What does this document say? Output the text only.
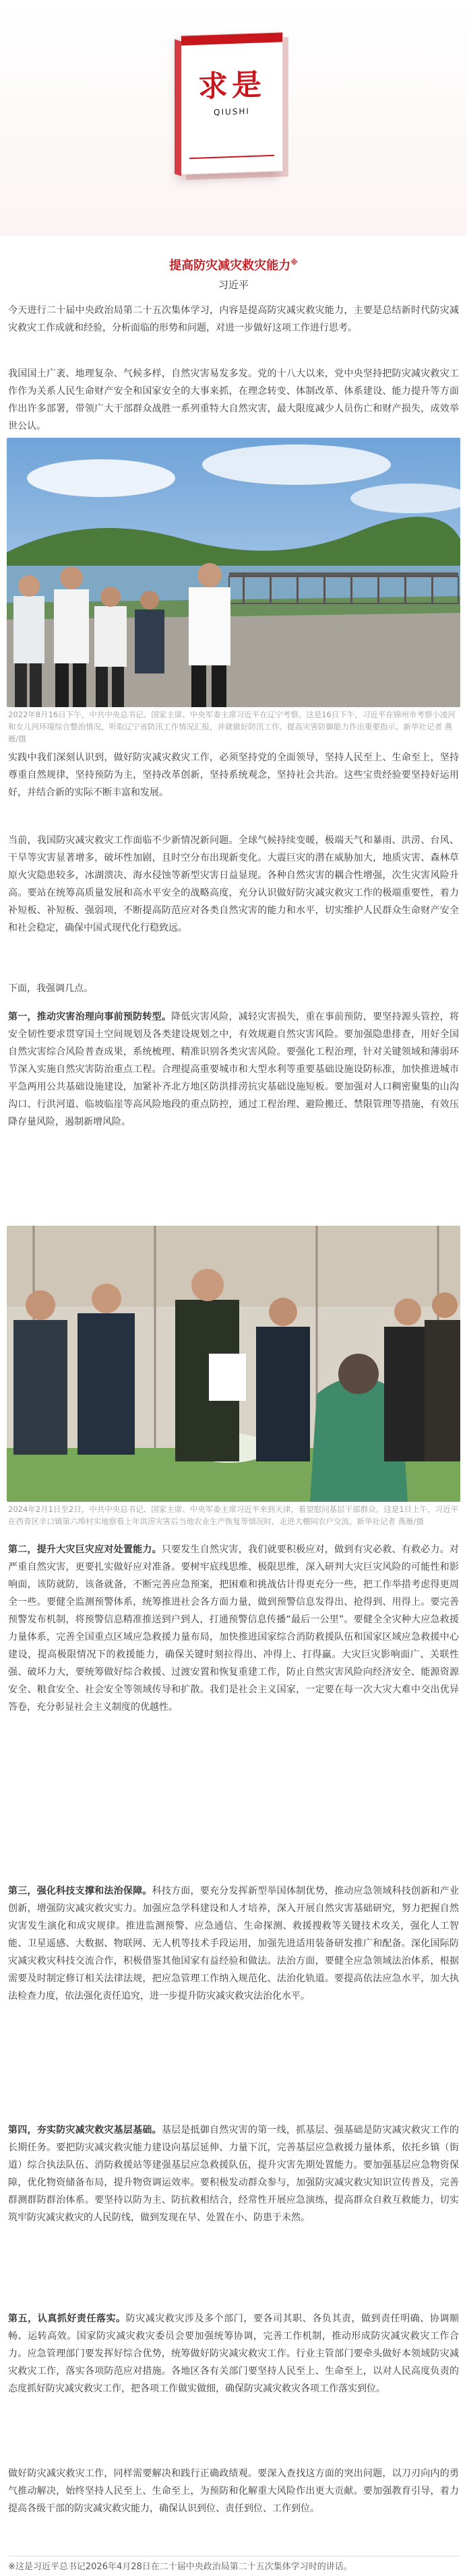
中国共产党中央委员会机关刊
求是
QIUSHI
提高防灾减灾救灾能力※
习近平

今天进行二十届中央政治局第二十五次集体学习，内容是提高防灾减灾救灾能力，主要是总结新时代防灾减灾救灾工作成就和经验，分析面临的形势和问题，对进一步做好这项工作进行思考。

我国国土广袤、地理复杂、气候多样，自然灾害易发多发。党的十八大以来，党中央坚持把防灾减灾救灾工作作为关系人民生命财产安全和国家安全的大事来抓，在理念转变、体制改革、体系建设、能力提升等方面作出许多部署，带领广大干部群众战胜一系列重特大自然灾害，最大限度减少人员伤亡和财产损失，成效举世公认。

2022年8月16日下午，中共中央总书记、国家主席、中央军委主席习近平在辽宁考察。这是16日下午，习近平在锦州市考察小凌河和女儿河环境综合整治情况，听取辽宁省防汛工作情况汇报，并就做好防汛工作、提高灾害防御能力作出重要指示。新华社记者 燕雁/摄

实践中我们深刻认识到，做好防灾减灾救灾工作，必须坚持党的全面领导，坚持人民至上、生命至上，坚持尊重自然规律，坚持预防为主，坚持改革创新，坚持系统观念，坚持社会共治。这些宝贵经验要坚持好运用好，并结合新的实际不断丰富和发展。

当前，我国防灾减灾救灾工作面临不少新情况新问题。全球气候持续变暖，极端天气和暴雨、洪涝、台风、干旱等灾害显著增多，破坏性加剧，且时空分布出现新变化。大震巨灾的潜在威胁加大，地质灾害、森林草原火灾隐患较多，冰湖溃决、海水侵蚀等新型灾害日益显现。各种自然灾害的耦合性增强，次生灾害风险升高。要站在统筹高质量发展和高水平安全的战略高度，充分认识做好防灾减灾救灾工作的极端重要性，着力补短板、补短板、强弱项，不断提高防范应对各类自然灾害的能力和水平，切实维护人民群众生命财产安全和社会稳定，确保中国式现代化行稳致远。

下面，我强调几点。

第一，推动灾害治理向事前预防转型。降低灾害风险，减轻灾害损失，重在事前预防，要坚持源头管控，将安全韧性要求贯穿国土空间规划及各类建设规划之中，有效规避自然灾害风险。要加强隐患排查，用好全国自然灾害综合风险普查成果，系统梳理、精准识别各类灾害风险。要强化工程治理，针对关键领域和薄弱环节深入实施自然灾害防治重点工程。合理提高重要城市和大型水利等重要基础设施设防标准，加快推进城市平急两用公共基础设施建设，加紧补齐北方地区防洪排涝抗灾基础设施短板。要加强对人口稠密聚集的山沟沟口、行洪河道、临坡临崖等高风险地段的重点防控，通过工程治理、避险搬迁、禁限管理等措施，有效压降存量风险，遏制新增风险。

2024年2月1日至2日，中共中央总书记、国家主席、中央军委主席习近平来到天津，看望慰问基层干部群众。这是1日上午，习近平在西青区辛口镇第六埠村实地察看上年洪涝灾害后当地农业生产恢复等情况时，走进大棚同农户交流。新华社记者 燕雁/摄

第二，提升大灾巨灾应对处置能力。只要发生自然灾害，我们就要积极应对，做到有灾必救、有救必力。对严重自然灾害，更要扎实做好应对准备。要树牢底线思维、极限思维，深入研判大灾巨灾风险的可能性和影响面，该防就防，该备就备，不断完善应急预案，把困难和挑战估计得更充分一些，把工作举措考虑得更周全一些。要健全监测预警体系，统筹推进社会各方面力量，做到预警信息发得出、抢得到、用得上。要完善预警发布机制，将预警信息精准推送到户到人，打通预警信息传播“最后一公里”。要健全全灾种大应急救援力量体系，完善全国重点区域应急救援力量布局，加快推进国家综合消防救援队伍和国家区域应急救援中心建设，提高极限情况下的救援能力，确保关键时刻拉得出、冲得上、打得赢。大灾巨灾影响面广、关联性强、破坏力大，要统筹做好综合救援、过渡安置和恢复重建工作，防止自然灾害风险向经济安全、能源资源安全、粮食安全、社会安全等领域传导和扩散。我们是社会主义国家，一定要在每一次大灾大难中交出优异答卷，充分彰显社会主义制度的优越性。

第三，强化科技支撑和法治保障。科技方面，要充分发挥新型举国体制优势，推动应急领域科技创新和产业创新，增强防灾减灾救灾实力。加强应急学科建设和人才培养，深入开展自然灾害基础研究，努力把握自然灾害发生演化和成灾规律。推进监测预警、应急通信、生命探测、救援搜救等关键技术攻关，强化人工智能、卫星遥感、大数据、物联网、无人机等技术手段运用，加强先进适用装备研发推广和配备。深化国际防灾减灾救灾科技交流合作，积极借鉴其他国家有益经验和做法。法治方面，要健全应急领域法治体系，根据需要及时制定修订相关法律法规，把应急管理工作纳入规范化、法治化轨道。要提高依法应急水平，加大执法检查力度，依法强化责任追究，进一步提升防灾减灾救灾法治化水平。

第四，夯实防灾减灾救灾基层基础。基层是抵御自然灾害的第一线，抓基层、强基础是防灾减灾救灾工作的长期任务。要把防灾减灾救灾能力建设向基层延伸、力量下沉，完善基层应急救援力量体系，依托乡镇（街道）综合执法队伍、消防救援站等建强基层应急救援队伍，提升灾害先期处置能力。要加强基层应急物资保障，优化物资储备布局，提升物资调运效率。要积极发动群众参与，加强防灾减灾救灾知识宣传普及，完善群测群防群治体系。要坚持以防为主、防抗救相结合，经常性开展应急演练，提高群众自救互救能力，切实筑牢防灾减灾救灾的人民防线，做到发现在早、处置在小、防患于未然。

第五，认真抓好责任落实。防灾减灾救灾涉及多个部门，要各司其职、各负其责，做到责任明确、协调顺畅、运转高效。国家防灾减灾救灾委员会要加强统筹协调，完善工作机制，推动形成防灾减灾救灾工作合力。应急管理部门要发挥好综合优势，统筹做好防灾减灾救灾工作。行业主管部门要牵头做好本领域防灾减灾救灾工作，落实各项防范应对措施。各地区各有关部门要坚持人民至上、生命至上，以对人民高度负责的态度抓好防灾减灾救灾工作，把各项工作做实做细，确保防灾减灾救灾各项工作落实到位。

做好防灾减灾救灾工作，同样需要解决和践行正确政绩观。要深入查找这方面的突出问题，以刀刃向内的勇气推动解决，始终坚持人民至上、生命至上，为预防和化解重大风险作出更大贡献。要加强教育引导，着力提高各级干部的防灾减灾救灾能力，确保认识到位、责任到位、工作到位。

※这是习近平总书记2026年4月28日在二十届中央政治局第二十五次集体学习时的讲话。
